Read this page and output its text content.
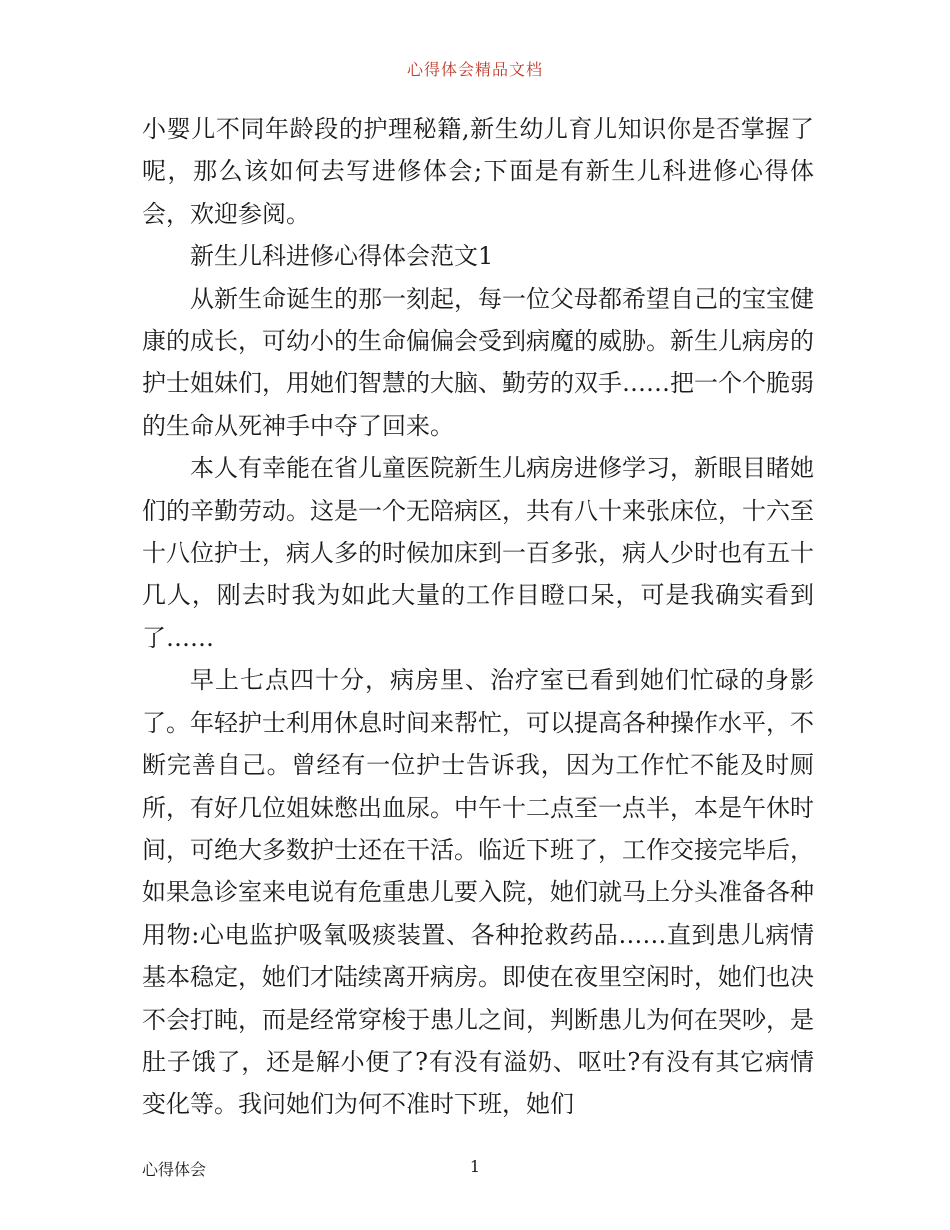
心得体会精品文档

小婴儿不同年龄段的护理秘籍,新生幼儿育儿知识你是否掌握了呢，那么该如何去写进修体会;下面是有新生儿科进修心得体会，欢迎参阅。

新生儿科进修心得体会范文1

从新生命诞生的那一刻起，每一位父母都希望自己的宝宝健康的成长，可幼小的生命偏偏会受到病魔的威胁。新生儿病房的护士姐妹们，用她们智慧的大脑、勤劳的双手……把一个个脆弱的生命从死神手中夺了回来。

本人有幸能在省儿童医院新生儿病房进修学习，新眼目睹她们的辛勤劳动。这是一个无陪病区，共有八十来张床位，十六至十八位护士，病人多的时候加床到一百多张，病人少时也有五十几人，刚去时我为如此大量的工作目瞪口呆，可是我确实看到了……

早上七点四十分，病房里、治疗室已看到她们忙碌的身影了。年轻护士利用休息时间来帮忙，可以提高各种操作水平，不断完善自己。曾经有一位护士告诉我，因为工作忙不能及时厕所，有好几位姐妹憋出血尿。中午十二点至一点半，本是午休时间，可绝大多数护士还在干活。临近下班了，工作交接完毕后，如果急诊室来电说有危重患儿要入院，她们就马上分头准备各种用物:心电监护吸氧吸痰装置、各种抢救药品……直到患儿病情基本稳定，她们才陆续离开病房。即使在夜里空闲时，她们也决不会打盹，而是经常穿梭于患儿之间，判断患儿为何在哭吵，是肚子饿了，还是解小便了?有没有溢奶、呕吐?有没有其它病情变化等。我问她们为何不准时下班，她们

心得体会	1
